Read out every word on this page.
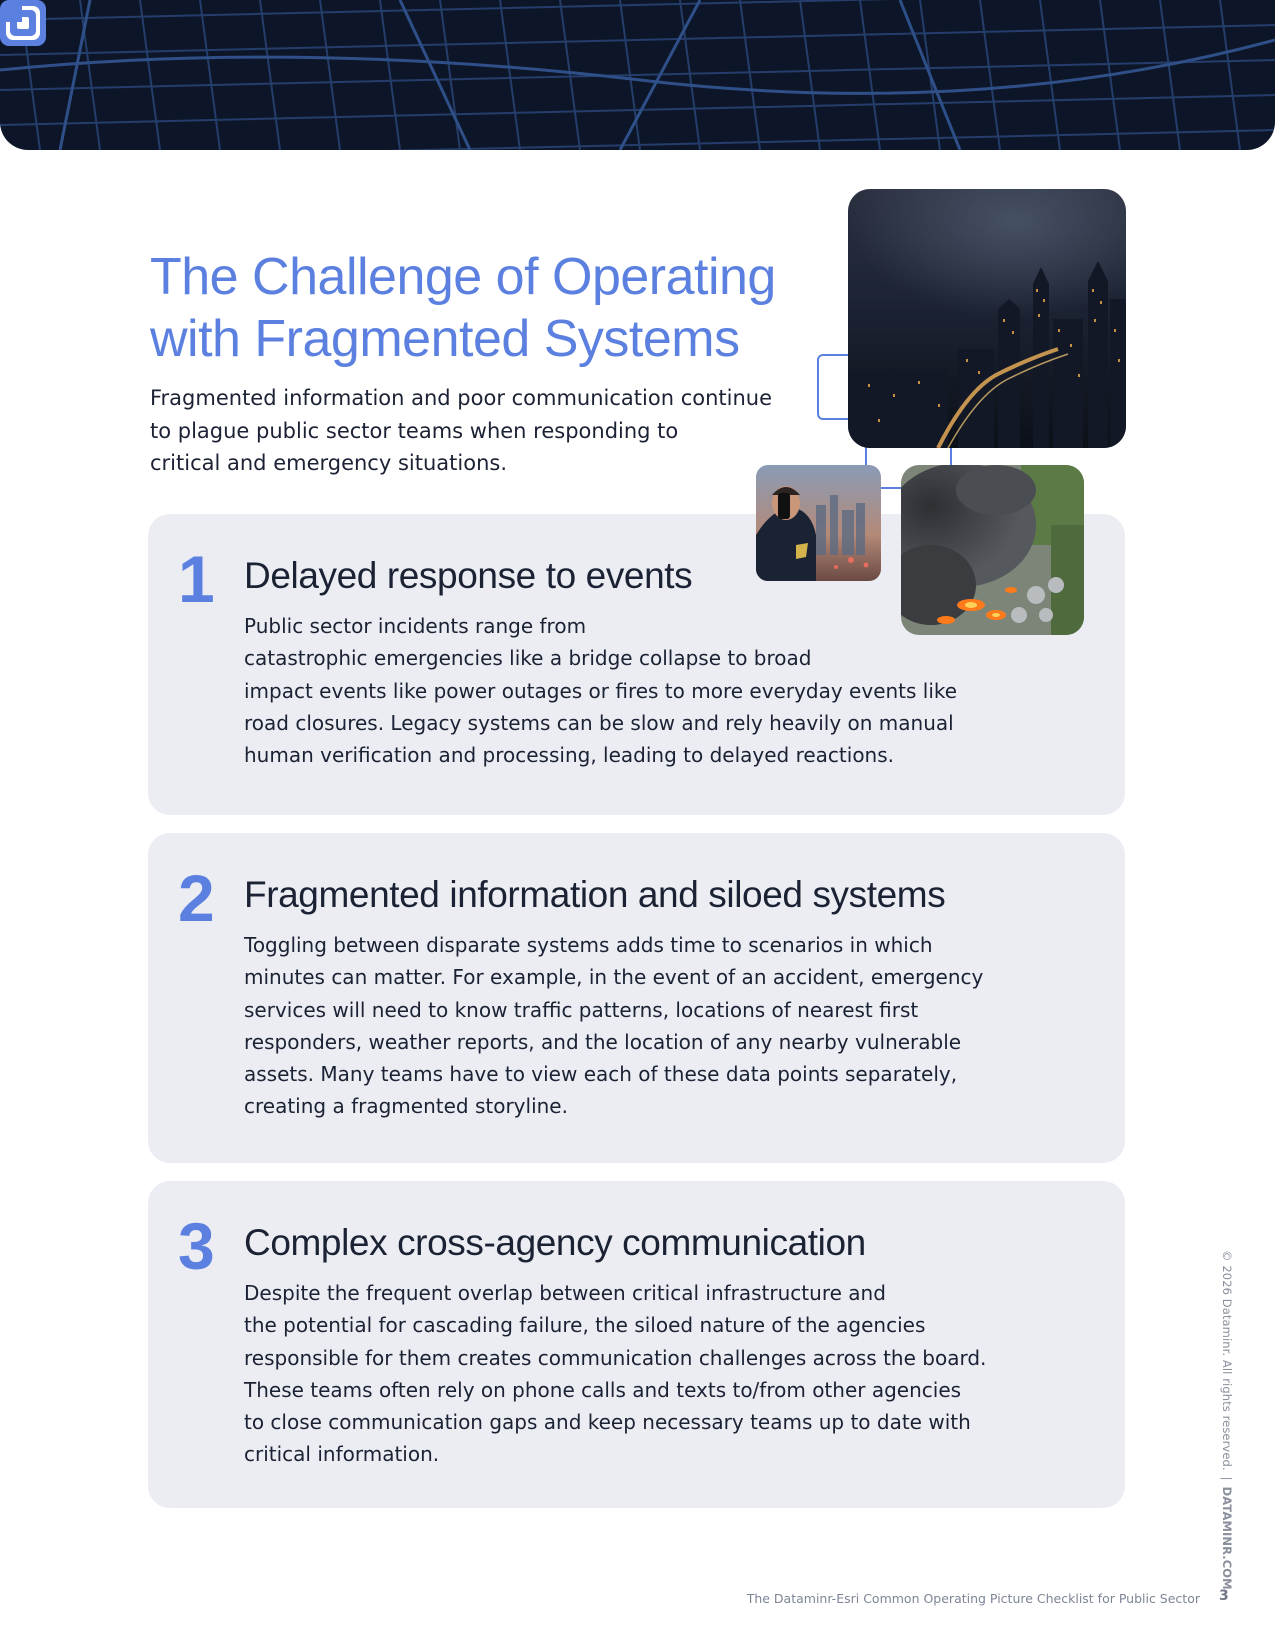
The Challenge of Operating
with Fragmented Systems

Fragmented information and poor communication continue
to plague public sector teams when responding to
critical and emergency situations.

1 Delayed response to events

Public sector incidents range from
catastrophic emergencies like a bridge collapse to broad
impact events like power outages or fires to more everyday events like
road closures. Legacy systems can be slow and rely heavily on manual
human verification and processing, leading to delayed reactions.

2 Fragmented information and siloed systems

Toggling between disparate systems adds time to scenarios in which
minutes can matter. For example, in the event of an accident, emergency
services will need to know traffic patterns, locations of nearest first
responders, weather reports, and the location of any nearby vulnerable
assets. Many teams have to view each of these data points separately,
creating a fragmented storyline.

3 Complex cross-agency communication

Despite the frequent overlap between critical infrastructure and
the potential for cascading failure, the siloed nature of the agencies
responsible for them creates communication challenges across the board.
These teams often rely on phone calls and texts to/from other agencies
to close communication gaps and keep necessary teams up to date with
critical information.	© 2026 Dataminr. All rights reserved.|DATAMINR.COM
The Dataminr-Esri Common Operating Picture Checklist for Public Sector 3
